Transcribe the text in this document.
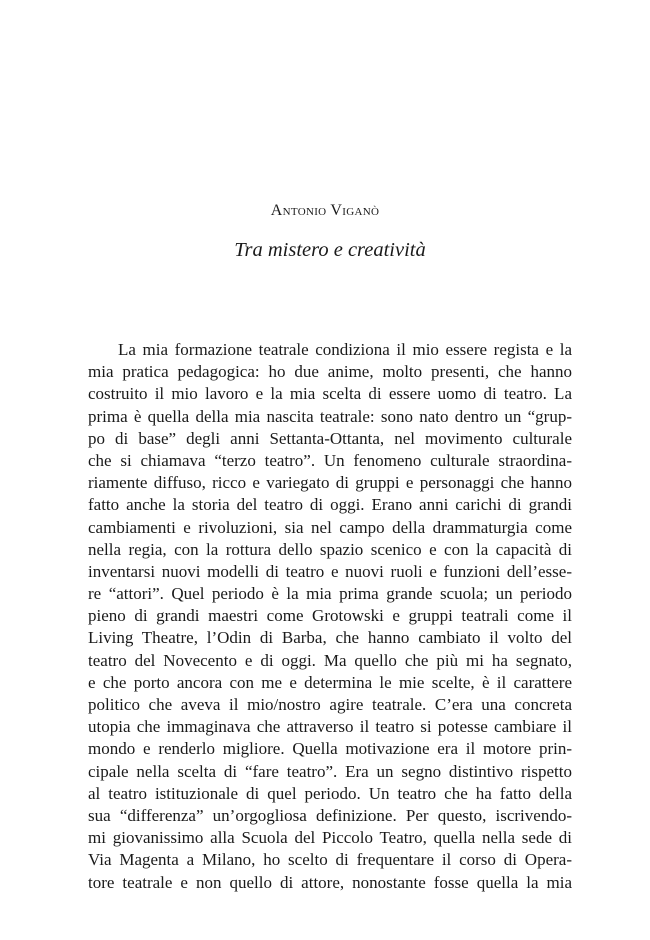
Antonio Viganò
Tra mistero e creatività
La mia formazione teatrale condiziona il mio essere regista e la
mia pratica pedagogica: ho due anime, molto presenti, che hanno
costruito il mio lavoro e la mia scelta di essere uomo di teatro. La
prima è quella della mia nascita teatrale: sono nato dentro un “grup-
po di base” degli anni Settanta-Ottanta, nel movimento culturale
che si chiamava “terzo teatro”. Un fenomeno culturale straordina-
riamente diffuso, ricco e variegato di gruppi e personaggi che hanno
fatto anche la storia del teatro di oggi. Erano anni carichi di grandi
cambiamenti e rivoluzioni, sia nel campo della drammaturgia come
nella regia, con la rottura dello spazio scenico e con la capacità di
inventarsi nuovi modelli di teatro e nuovi ruoli e funzioni dell’esse-
re “attori”. Quel periodo è la mia prima grande scuola; un periodo
pieno di grandi maestri come Grotowski e gruppi teatrali come il
Living Theatre, l’Odin di Barba, che hanno cambiato il volto del
teatro del Novecento e di oggi. Ma quello che più mi ha segnato,
e che porto ancora con me e determina le mie scelte, è il carattere
politico che aveva il mio/nostro agire teatrale. C’era una concreta
utopia che immaginava che attraverso il teatro si potesse cambiare il
mondo e renderlo migliore. Quella motivazione era il motore prin-
cipale nella scelta di “fare teatro”. Era un segno distintivo rispetto
al teatro istituzionale di quel periodo. Un teatro che ha fatto della
sua “differenza” un’orgogliosa definizione. Per questo, iscrivendo-
mi giovanissimo alla Scuola del Piccolo Teatro, quella nella sede di
Via Magenta a Milano, ho scelto di frequentare il corso di Opera-
tore teatrale e non quello di attore, nonostante fosse quella la mia
